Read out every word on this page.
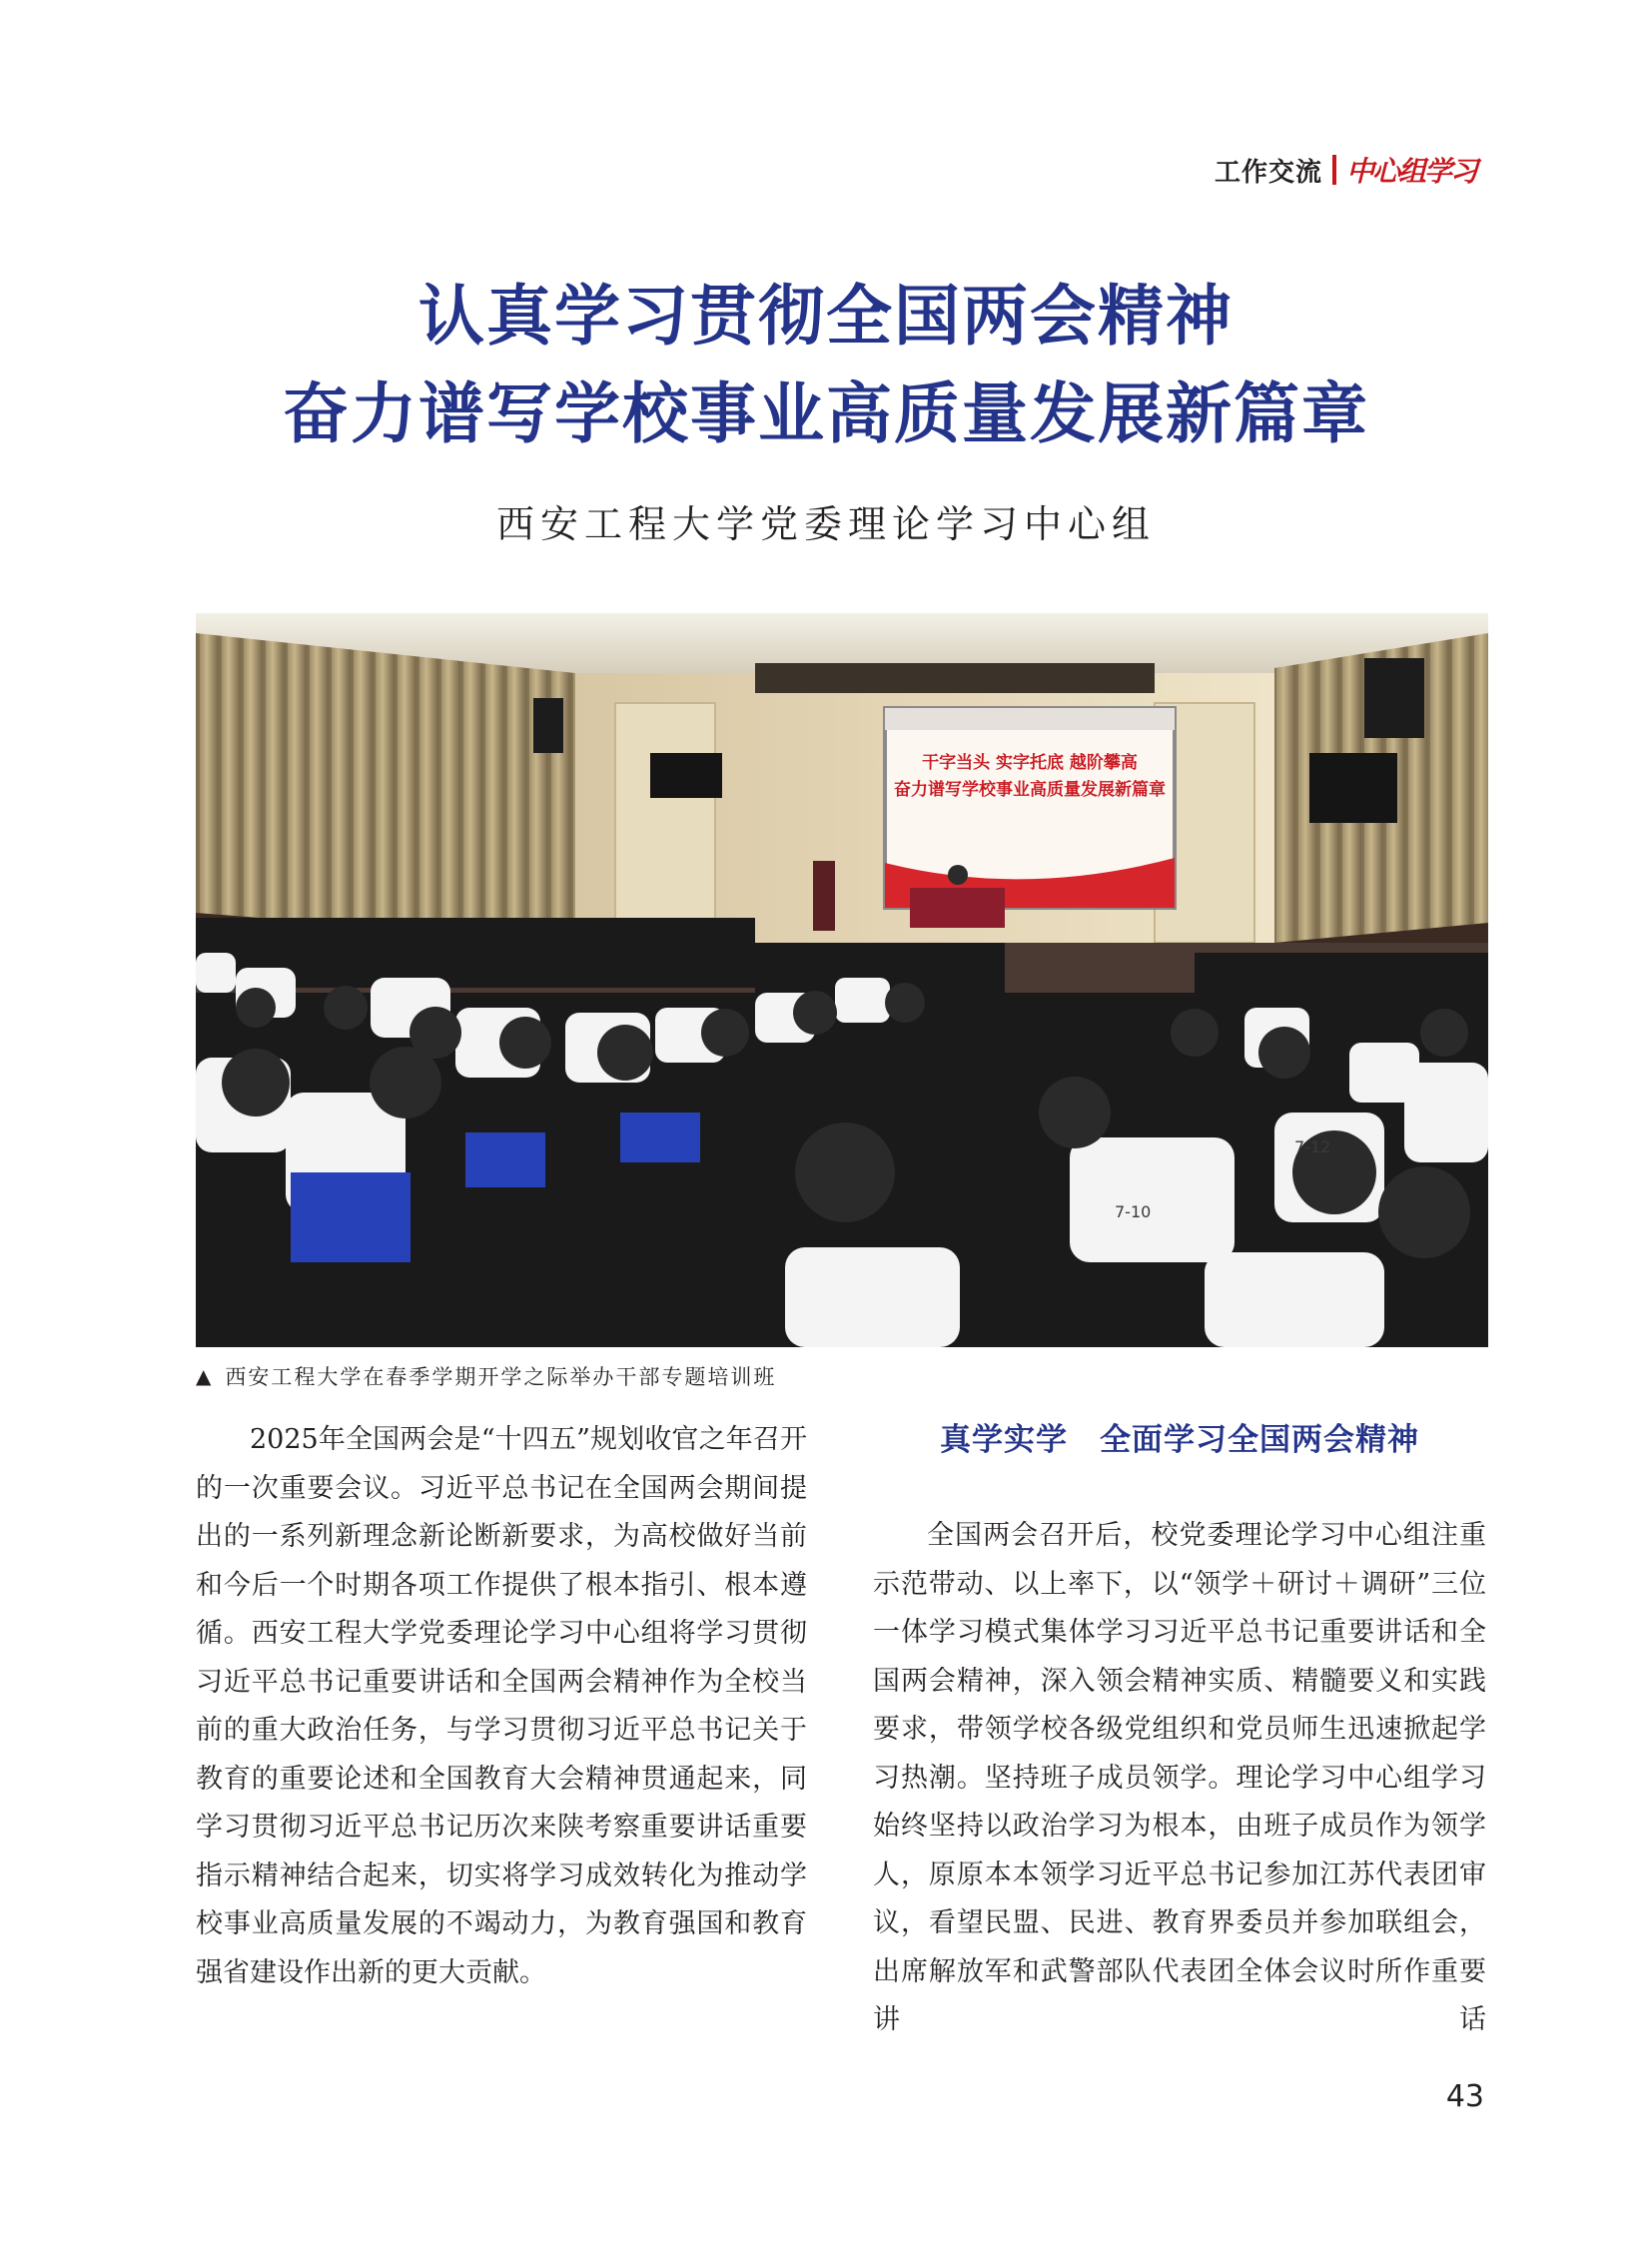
工作交流 中心组学习
认真学习贯彻全国两会精神
奋力谱写学校事业高质量发展新篇章
西安工程大学党委理论学习中心组
干字当头 实字托底 越阶攀高
奋力谱写学校事业高质量发展新篇章
7-10
7-12
▲ 西安工程大学在春季学期开学之际举办干部专题培训班

2025年全国两会是“十四五”规划收官之年召开的一次重要会议。习近平总书记在全国两会期间提出的一系列新理念新论断新要求，为高校做好当前和今后一个时期各项工作提供了根本指引、根本遵循。西安工程大学党委理论学习中心组将学习贯彻习近平总书记重要讲话和全国两会精神作为全校当前的重大政治任务，与学习贯彻习近平总书记关于教育的重要论述和全国教育大会精神贯通起来，同学习贯彻习近平总书记历次来陕考察重要讲话重要指示精神结合起来，切实将学习成效转化为推动学校事业高质量发展的不竭动力，为教育强国和教育强省建设作出新的更大贡献。

真学实学　全面学习全国两会精神

全国两会召开后，校党委理论学习中心组注重示范带动、以上率下，以“领学＋研讨＋调研”三位一体学习模式集体学习习近平总书记重要讲话和全国两会精神，深入领会精神实质、精髓要义和实践要求，带领学校各级党组织和党员师生迅速掀起学习热潮。坚持班子成员领学。理论学习中心组学习始终坚持以政治学习为根本，由班子成员作为领学人，原原本本领学习近平总书记参加江苏代表团审议，看望民盟、民进、教育界委员并参加联组会，出席解放军和武警部队代表团全体会议时所作重要讲话

43
